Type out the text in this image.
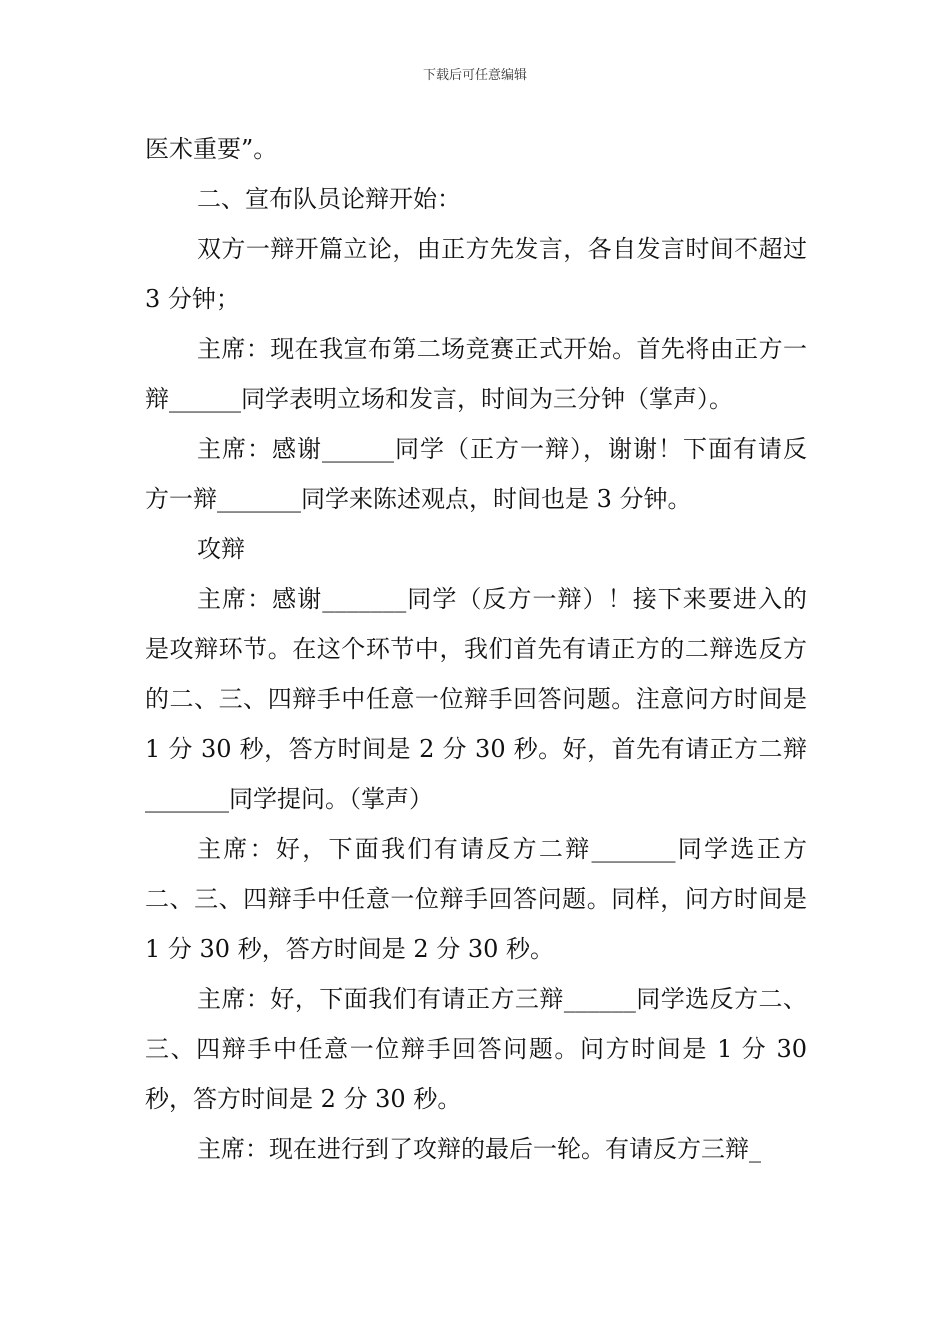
下载后可任意编辑

医术重要”。

二、宣布队员论辩开始：

双方一辩开篇立论，由正方先发言，各自发言时间不超过 3 分钟；

主席：现在我宣布第二场竞赛正式开始。首先将由正方一辩______同学表明立场和发言，时间为三分钟（掌声）。

主席：感谢______同学（正方一辩），谢谢！下面有请反方一辩_______同学来陈述观点，时间也是 3 分钟。

攻辩

主席：感谢_______同学（反方一辩）！接下来要进入的是攻辩环节。在这个环节中，我们首先有请正方的二辩选反方的二、三、四辩手中任意一位辩手回答问题。注意问方时间是 1 分 30 秒，答方时间是 2 分 30 秒。好，首先有请正方二辩_______同学提问。（掌声）

主席：好，下面我们有请反方二辩_______同学选正方二、三、四辩手中任意一位辩手回答问题。同样，问方时间是 1 分 30 秒，答方时间是 2 分 30 秒。

主席：好，下面我们有请正方三辩______同学选反方二、三、四辩手中任意一位辩手回答问题。问方时间是 1 分 30 秒，答方时间是 2 分 30 秒。

主席：现在进行到了攻辩的最后一轮。有请反方三辩_
